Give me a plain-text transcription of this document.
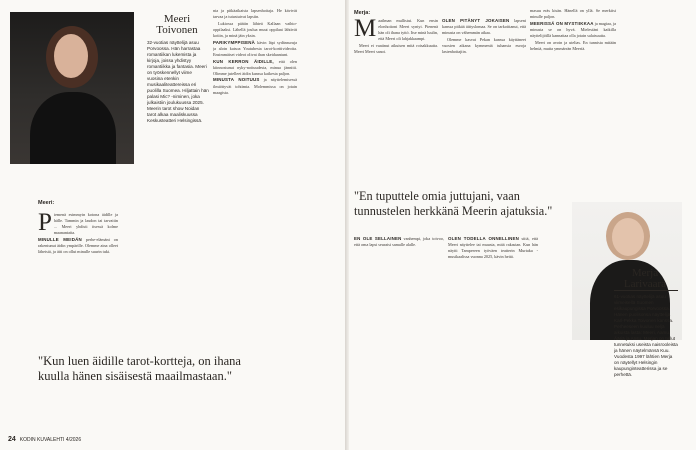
Meeri
Toivonen
32-vuotias näyttelijä asuu Porvoossa. Hän harrastaa romantiikan lukemista ja kirjoja, joissa yhdistyy romantiikka ja fantasia. Meeri on työskennellyt viime vuosina etenkin musikaaliteattereissa eri puolilla Suomea. Hiljattain hän palasi Mic? -niminen, joka julkaistiin joulukuussa 2025. Meerin tarot show Noidan tarot alkaa maaliskuussa Keskusteatteri Helsingissä.
Meeri:

Piemenä esimmyin kotona äidille ja hälle. Tammin ja laudon tai tarvaitin ... Meeri yhdisti itsessä kolme maanantaita.

MINULLE MEIDÄN perhe-elämäni on rakentunut äidin ympärille. Olemme aina olleet läheisiä, ja äiti on ollut minulle suurin tuki.

nia ja pitkäaikaista lapsenhoitaja. He kävivät tarvaa ja tutustuivat lapsiin.

Lukiossa päätin lähteä Kallaan vaihto-oppilaaksi. Lähellä joulua muut oppilaat lähtivät kotiin, ja minä jäin yksin.

PARIKYMPPISENÄ kävin läpi sydänsuruja ja aloin katsoa Youtubesta tarot-korttivideoita. Ensimmäiset videot olivat ihan skeidaantunt.

KUN KERRON ÄIDILLE, että olen kiinnostunut nyky-noituudesta, minua jännitti. Olimme jutelleet äidin kanssa kaikesta paljon.

MINUSTA NOITUUS ja näyttelemisessä ilmiöttyvät tohtimia. Molemmissa on jotain maagista.

"Kun luen äidille tarot-kortteja, on ihana kuulla hänen sisäisestä maailmastaan."
24 KODIN KUVALEHTI 4/2026
Merja:

Maailman mullistui. Kun ensin elonhoitoni Meeri syntyi. Pienenä hän oli ihana tyttö. Itse minä luulin, että Meeri oli lahjakkaampi.

Meeri ei vaatinut aikuisen mitä roisakkuutta. Meeri Meeri sanoi.

OLEN PITÄNYT JOKAISEN lapseni kanssa pitkää äittyslomaa. Se on tarkoittanut, että minusta on vähemmän aikaa.

Olemme kasvat Pekan kanssa käyttäneet vuosien aikana kymmeniä tuhansia euroja lastenhoitajiin.

masuu eräs kisän. Hänellä on yllä. Se merkitsi minulle paljon.

MEERISSÄ ON MYSTIIKKAA ja magiaa, ja minusta se on hyvä. Mielestäni kaikilla näyttelijöillä kannattaa olla jotain salaisuutta.

Meeri on avoin ja utelias. En tunnista mitään helmiä, mutta ymmärrän Meeriä.

"En tuputtele omia juttujani, vaan tunnustelen herkkänä Meerin ajatuksia."

EN OLE SELLAINEN vanhempi, joka toivoo, että oma lapsi seuraisi samalle alalle.

OLEN TODELLA ONNELLINEN siitä, että Meeri näyttelee tai muusta, mitä rakastan. Kun hän näytti Tampereen työväen teatterin Murtaka -musikaalissa vuonna 2025, kävin heitä.

Merja
Larivaara
61-vuotias näyttelijä asuu viimeisellä Suomen esikaupungissa Porvoossa. Hänen puolisonsa näyttelijä Karl-Pekka Toivonen kanssa. Perheeseen kuuluu neljä aikuista lasta: Meeri, Aamu, Ääriä ja Ansu. Merjan on tullut tunnetuksi useista naisrooleista ja hänen näytelmänsä Kuu. Vuodesta 1997 lähtien Merja on näytellyt Helsingin kaupunginteatterissa ja se perhettä.
